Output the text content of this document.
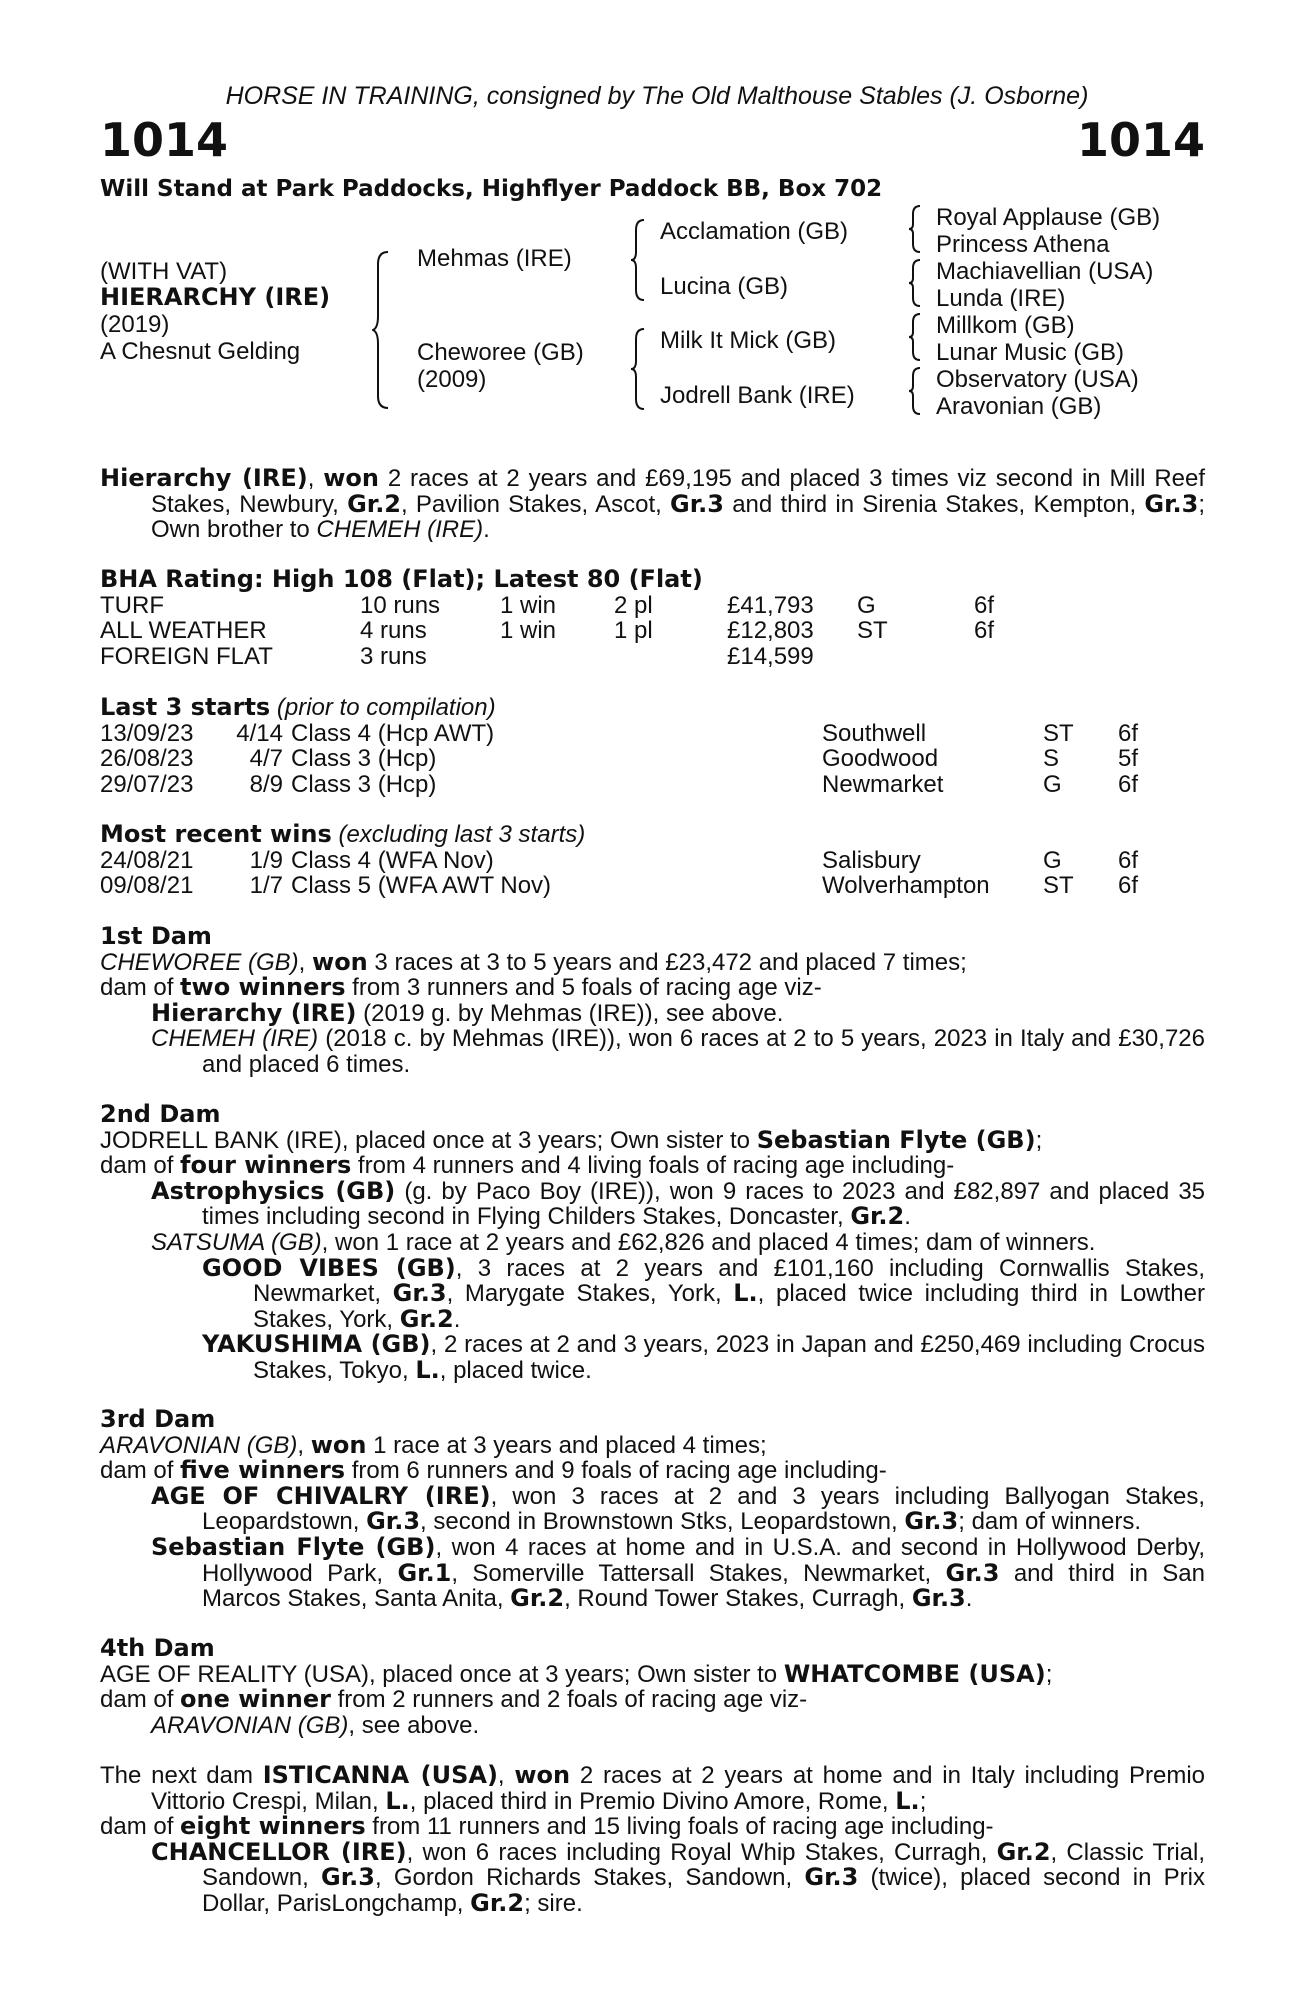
HORSE IN TRAINING, consigned by The Old Malthouse Stables (J. Osborne)
1014	1014
Will Stand at Park Paddocks, Highflyer Paddock BB, Box 702
(WITH VAT)
HIERARCHY (IRE)
(2019)
A Chesnut Gelding
Mehmas (IRE)
Cheworee (GB)
(2009)
Acclamation (GB)
Lucina (GB)
Milk It Mick (GB)
Jodrell Bank (IRE)
Royal Applause (GB)
Princess Athena
Machiavellian (USA)
Lunda (IRE)
Millkom (GB)
Lunar Music (GB)
Observatory (USA)
Aravonian (GB)

Hierarchy (IRE), won 2 races at 2 years and £69,195 and placed 3 times viz second in Mill Reef Stakes, Newbury, Gr.2, Pavilion Stakes, Ascot, Gr.3 and third in Sirenia Stakes, Kempton, Gr.3; Own brother to CHEMEH (IRE).

BHA Rating: High 108 (Flat); Latest 80 (Flat)
TURF	10 runs 1 win 2 pl	£41,793 G	6f
ALL WEATHER	4 runs	1 win 1 pl	£12,803 ST	6f
FOREIGN FLAT	3 runs	£14,599
Last 3 starts (prior to compilation)
13/09/23 4/14 Class 4 (Hcp AWT)	Southwell	ST 6f
26/08/23 4/7 Class 3 (Hcp)	Goodwood	S 5f
29/07/23 8/9 Class 3 (Hcp)	Newmarket	G 6f
Most recent wins (excluding last 3 starts)
24/08/21 1/9 Class 4 (WFA Nov)	Salisbury	G 6f
09/08/21 1/7 Class 5 (WFA AWT Nov)	Wolverhampton ST 6f
1st Dam

CHEWOREE (GB), won 3 races at 3 to 5 years and £23,472 and placed 7 times;

dam of two winners from 3 runners and 5 foals of racing age viz-

Hierarchy (IRE) (2019 g. by Mehmas (IRE)), see above.

CHEMEH (IRE) (2018 c. by Mehmas (IRE)), won 6 races at 2 to 5 years, 2023 in Italy and £30,726 and placed 6 times.

2nd Dam

JODRELL BANK (IRE), placed once at 3 years; Own sister to Sebastian Flyte (GB);

dam of four winners from 4 runners and 4 living foals of racing age including-

Astrophysics (GB) (g. by Paco Boy (IRE)), won 9 races to 2023 and £82,897 and placed 35 times including second in Flying Childers Stakes, Doncaster, Gr.2.

SATSUMA (GB), won 1 race at 2 years and £62,826 and placed 4 times; dam of winners.

GOOD VIBES (GB), 3 races at 2 years and £101,160 including Cornwallis Stakes, Newmarket, Gr.3, Marygate Stakes, York, L., placed twice including third in Lowther Stakes, York, Gr.2.

YAKUSHIMA (GB), 2 races at 2 and 3 years, 2023 in Japan and £250,469 including Crocus Stakes, Tokyo, L., placed twice.

3rd Dam

ARAVONIAN (GB), won 1 race at 3 years and placed 4 times;

dam of five winners from 6 runners and 9 foals of racing age including-

AGE OF CHIVALRY (IRE), won 3 races at 2 and 3 years including Ballyogan Stakes, Leopardstown, Gr.3, second in Brownstown Stks, Leopardstown, Gr.3; dam of winners.

Sebastian Flyte (GB), won 4 races at home and in U.S.A. and second in Hollywood Derby, Hollywood Park, Gr.1, Somerville Tattersall Stakes, Newmarket, Gr.3 and third in San Marcos Stakes, Santa Anita, Gr.2, Round Tower Stakes, Curragh, Gr.3.

4th Dam

AGE OF REALITY (USA), placed once at 3 years; Own sister to WHATCOMBE (USA);

dam of one winner from 2 runners and 2 foals of racing age viz-

ARAVONIAN (GB), see above.

The next dam ISTICANNA (USA), won 2 races at 2 years at home and in Italy including Premio Vittorio Crespi, Milan, L., placed third in Premio Divino Amore, Rome, L.;

dam of eight winners from 11 runners and 15 living foals of racing age including-

CHANCELLOR (IRE), won 6 races including Royal Whip Stakes, Curragh, Gr.2, Classic Trial, Sandown, Gr.3, Gordon Richards Stakes, Sandown, Gr.3 (twice), placed second in Prix Dollar, ParisLongchamp, Gr.2; sire.
